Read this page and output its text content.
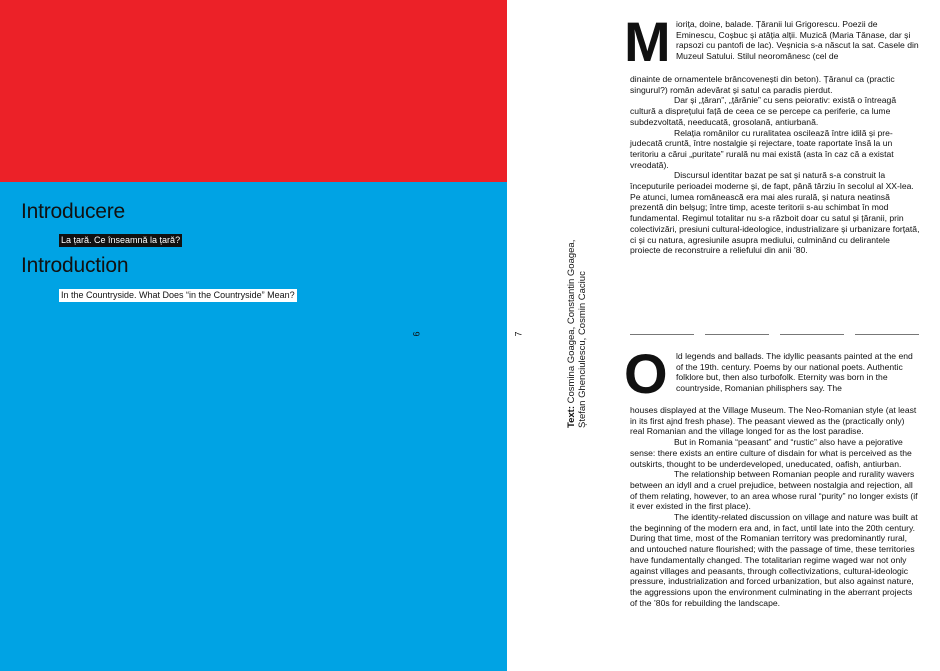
Introducere
La țară. Ce înseamnă la țară?
Introduction
In the Countryside. What Does “in the Countryside” Mean?
6	7
Text: Cosmina Goagea, Constantin Goagea, Ștefan Ghenciulescu, Cosmin Caciuc
M iorița, doine, balade. Țăranii lui Grigorescu. Poezii de Eminescu, Coșbuc și atâția alții. Muzică (Maria Tănase, dar și rapsozi cu pantofi de lac). Veșnicia s-a născut la sat. Casele din Muzeul Satului. Stilul neoromânesc (cel de

dinainte de ornamentele brâncovenești din beton). Țăranul ca (practic singurul?) român adevărat și satul ca paradis pierdut.

Dar și „țăran”, „țărănie” cu sens peiorativ: există o întreagă cultură a disprețului față de ceea ce se percepe ca periferie, ca lume subdezvoltată, needucată, grosolană, antiurbană.

Relația românilor cu ruralitatea oscilează între idilă și prejudecată cruntă, între nostalgie și rejectare, toate raportate însă la un teritoriu a cărui „puritate” rurală nu mai există (asta în caz că a existat vreodată).

Discursul identitar bazat pe sat și natură s-a construit la începuturile perioadei moderne și, de fapt, până târziu în secolul al XX-lea. Pe atunci, lumea românească era mai ales rurală, și natura neatinsă prezentă din belșug; între timp, aceste teritorii s-au schimbat în mod fundamental. Regimul totalitar nu s-a războit doar cu satul și țăranii, prin colectivizări, presiuni cultural-ideologice, industrializare și urbanizare forțată, ci și cu natura, agresiunile asupra mediului, culminând cu delirantele proiecte de reconstruire a reliefului din anii ’80.

O ld legends and ballads. The idyllic peasants painted at the end of the 19th. century. Poems by our national poets. Authentic folklore but, then also turbofolk. Eternity was born in the countryside, Romanian philisphers say. The

houses displayed at the Village Museum. The Neo-Romanian style (at least in its first ajnd fresh phase). The peasant viewed as the (practically only) real Romanian and the village longed for as the lost paradise.

But in Romania “peasant” and “rustic” also have a pejorative sense: there exists an entire culture of disdain for what is perceived as the outskirts, thought to be underdeveloped, uneducated, oafish, antiurban.

The relationship between Romanian people and rurality wavers between an idyll and a cruel prejudice, between nostalgia and rejection, all of them relating, however, to an area whose rural “purity” no longer exists (if it ever existed in the first place).

The identity-related discussion on village and nature was built at the beginning of the modern era and, in fact, until late into the 20th century. During that time, most of the Romanian territory was predominantly rural, and untouched nature flourished; with the passage of time, these territories have fundamentally changed. The totalitarian regime waged war not only against villages and peasants, through collectivizations, cultural-ideologic pressure, industrialization and forced urbanization, but also against nature, the aggressions upon the environment culminating in the aberrant projects of the ’80s for rebuilding the landscape.
